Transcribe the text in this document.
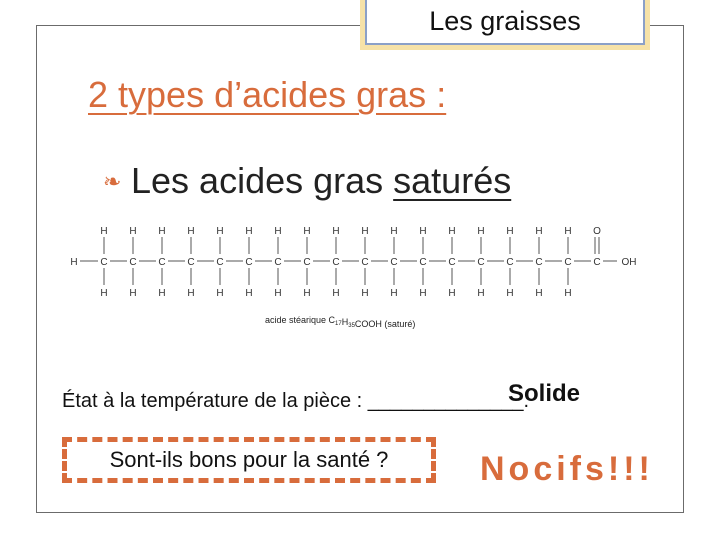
Les graisses
2 types d’acides gras :
❧ Les acides gras saturés
H C
H
H
C
H
H
C
H
H
C
H
H
C
H
H
C
H
H
C
H
H
C
H
H
C
H
H
C
H
H
C
H
H
C
H
H
C
H
H
C
H
H
C
H
H
C
H
H
C
H
H
C
O
OH
acide stéarique $C_{17}H_{35}COOH$ (saturé)
État à la température de la pièce : ______________.
Solide
Sont-ils bons pour la santé ?	Nocifs!!!
